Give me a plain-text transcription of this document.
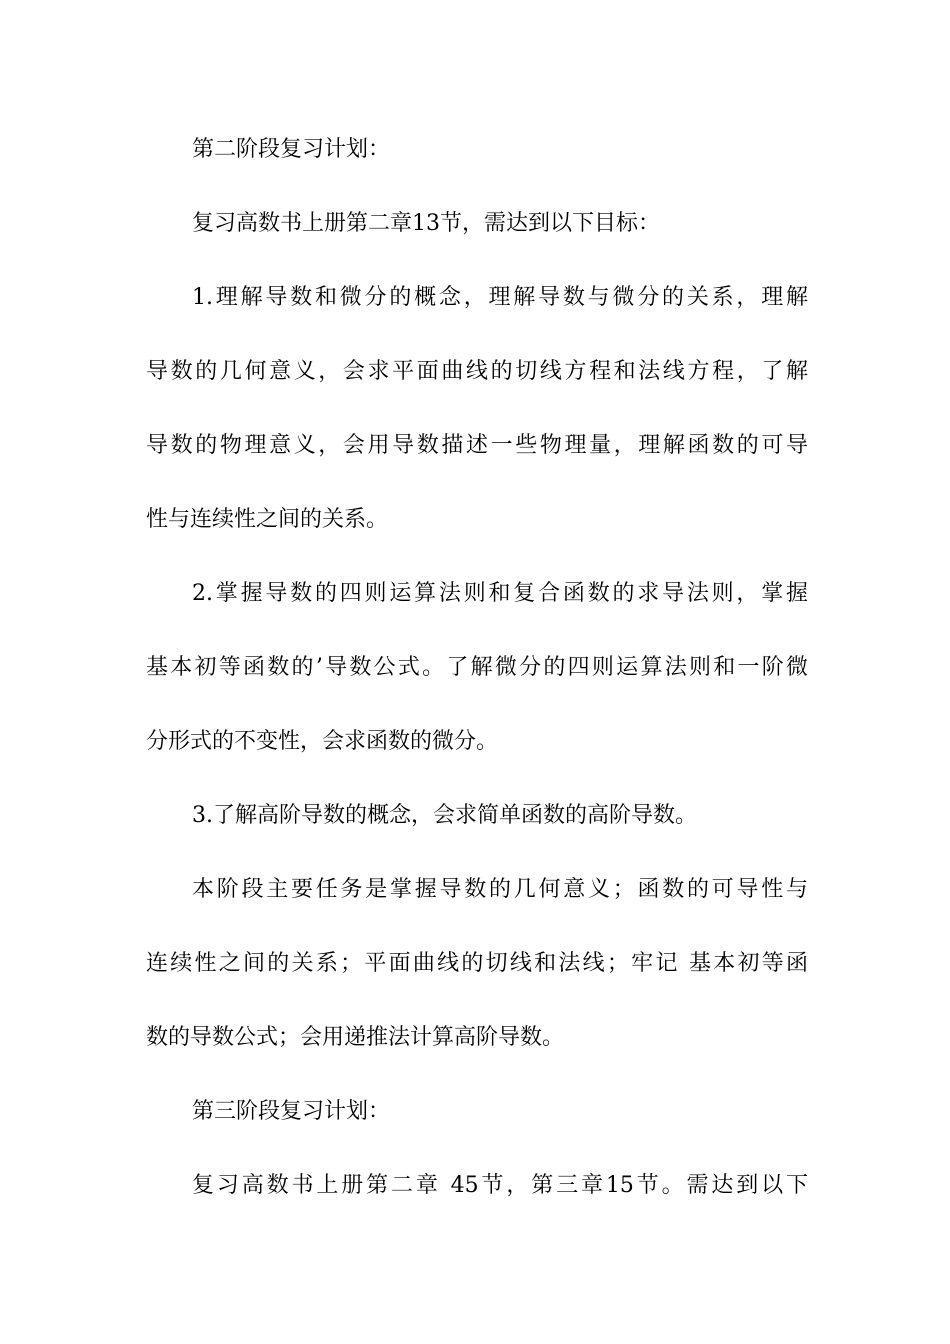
第二阶段复习计划：
复习高数书上册第二章13节，需达到以下目标：
1.理解导数和微分的概念，理解导数与微分的关系，理解
导数的几何意义，会求平面曲线的切线方程和法线方程，了解
导数的物理意义，会用导数描述一些物理量，理解函数的可导
性与连续性之间的关系。
2.掌握导数的四则运算法则和复合函数的求导法则，掌握
基本初等函数的’导数公式。了解微分的四则运算法则和一阶微
分形式的不变性，会求函数的微分。
3.了解高阶导数的概念，会求简单函数的高阶导数。
本阶段主要任务是掌握导数的几何意义；函数的可导性与
连续性之间的关系；平面曲线的切线和法线；牢记 基本初等函
数的导数公式；会用递推法计算高阶导数。
第三阶段复习计划：
复习高数书上册第二章 45节，第三章15节。需达到以下
